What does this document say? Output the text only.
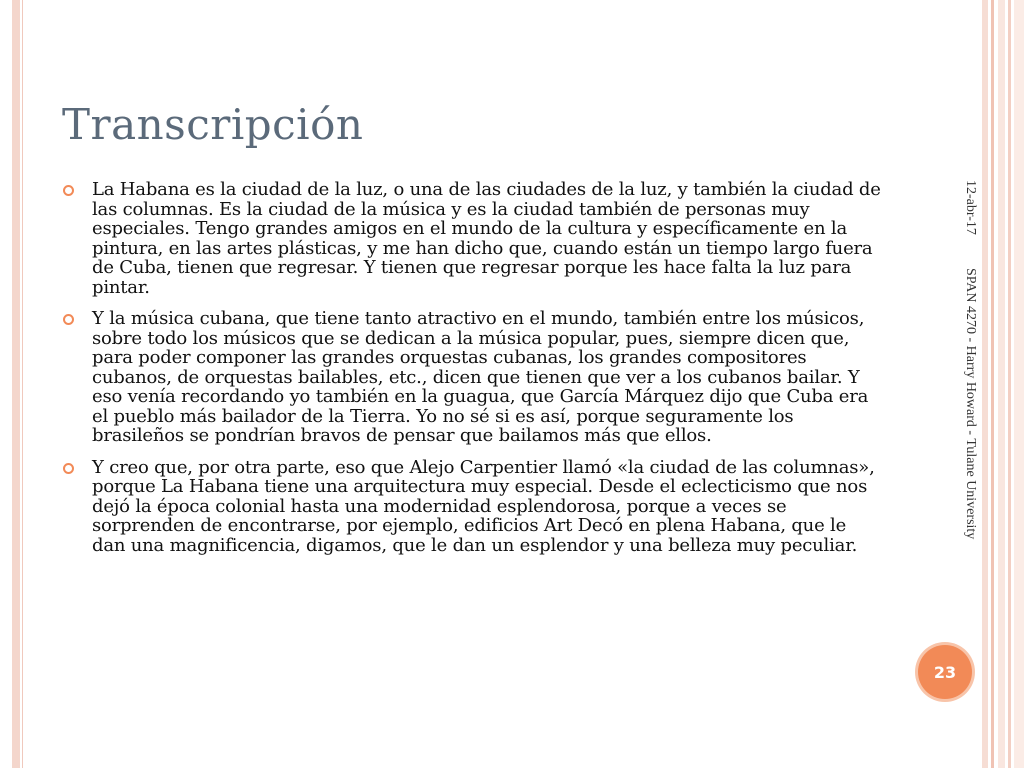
Transcripción
La Habana es la ciudad de la luz, o una de las ciudades de la luz, y también la ciudad de las columnas. Es la ciudad de la música y es la ciudad también de personas muy especiales. Tengo grandes amigos en el mundo de la cultura y específicamente en la pintura, en las artes plásticas, y me han dicho que, cuando están un tiempo largo fuera de Cuba, tienen que regresar. Y tienen que regresar porque les hace falta la luz para pintar.
Y la música cubana, que tiene tanto atractivo en el mundo, también entre los músicos, sobre todo los músicos que se dedican a la música popular, pues, siempre dicen que, para poder componer las grandes orquestas cubanas, los grandes compositores cubanos, de orquestas bailables, etc., dicen que tienen que ver a los cubanos bailar. Y eso venía recordando yo también en la guagua, que García Márquez dijo que Cuba era el pueblo más bailador de la Tierra. Yo no sé si es así, porque seguramente los brasileños se pondrían bravos de pensar que bailamos más que ellos.
Y creo que, por otra parte, eso que Alejo Carpentier llamó «la ciudad de las columnas», porque La Habana tiene una arquitectura muy especial. Desde el eclecticismo que nos dejó la época colonial hasta una modernidad esplendorosa, porque a veces se sorprenden de encontrarse, por ejemplo, edificios Art Decó en plena Habana, que le dan una magnificencia, digamos, que le dan un esplendor y una belleza muy peculiar.
12-abr-17
SPAN 4270 - Harry Howard - Tulane University
23
